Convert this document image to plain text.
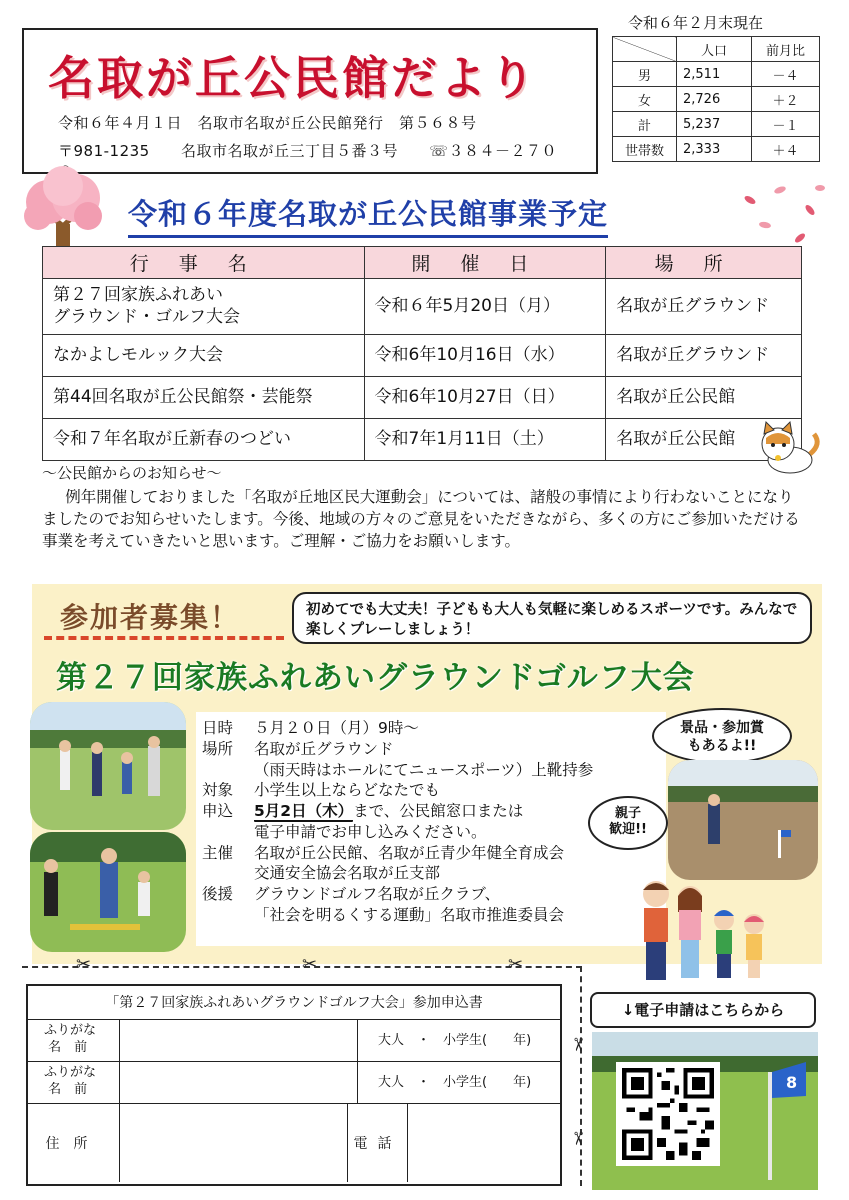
名取が丘公民館だより
令和６年４月１日　名取市名取が丘公民館発行　第５６８号
〒981-1235 名取市名取が丘三丁目５番３号 ☏３８４－２７０
令和６年２月末現在
	人口	前月比
男	2,511	－４
女	2,726	＋２
計	5,237	－１
世帯数	2,333	＋４
令和６年度名取が丘公民館事業予定
行事名	開催日	場所
第２７回家族ふれあい
グラウンド・ゴルフ大会	令和６年5月20日（月）	名取が丘グラウンド
なかよしモルック大会	令和6年10月16日（水）	名取が丘グラウンド
第44回名取が丘公民館祭・芸能祭	令和6年10月27日（日）	名取が丘公民館
令和７年名取が丘新春のつどい	令和7年1月11日（土）	名取が丘公民館
～公民館からのお知らせ～
例年開催しておりました「名取が丘地区民大運動会」については、諸般の事情により行わないことになりましたのでお知らせいたします。今後、地域の方々のご意見をいただきながら、多くの方にご参加いただける事業を考えていきたいと思います。ご理解・ご協力をお願いします。
参加者募集！	初めてでも大丈夫！子どもも大人も気軽に楽しめるスポーツです。みんなで楽しくプレーしましょう！
第２７回家族ふれあいグラウンドゴルフ大会
日時	５月２０日（月）9時～
場所	名取が丘グラウンド
（雨天時はホールにてニュースポーツ）上靴持参
対象	小学生以上ならどなたでも
申込	5月2日（木）まで、公民館窓口または
電子申請でお申し込みください。
主催	名取が丘公民館、名取が丘青少年健全育成会
交通安全協会名取が丘支部
後援	グラウンドゴルフ名取が丘クラブ、
「社会を明るくする運動」名取市推進委員会
景品・参加賞
もあるよ!!
親子
歓迎!!
✂	✂	✂
✂
✂
「第２７回家族ふれあいグラウンドゴルフ大会」参加申込書
ふりがな
名　前	大人　・　小学生(　　年)
ふりがな
名　前	大人　・　小学生(　　年)
住所	電話
8
↓電子申請はこちらから
